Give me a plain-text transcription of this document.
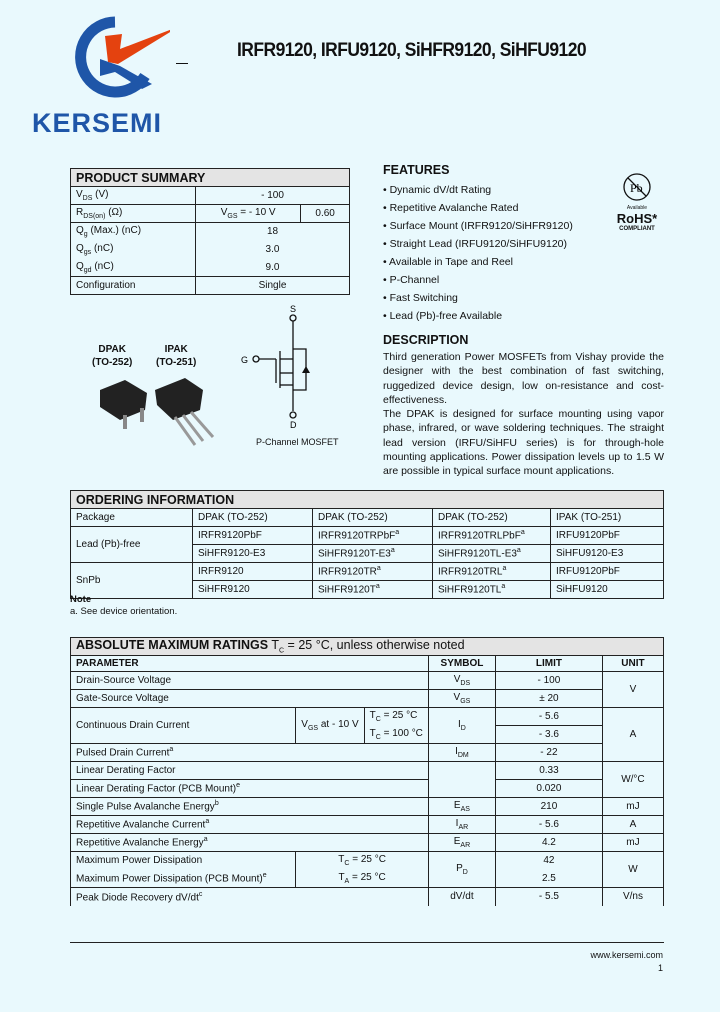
KERSEMI
IRFR9120, IRFU9120, SiHFR9120, SiHFU9120
PRODUCT SUMMARY		
$V_{DS}$ (V)	- 100	
$R_{DS(on)}$ (Ω)	$V_{GS}$ = - 10 V	0.60
$Q_g$ (Max.) (nC)	18	
$Q_{gs}$ (nC)	3.0	
$Q_{gd}$ (nC)	9.0	
Configuration	Single	
DPAK
(TO-252)
IPAK
(TO-251)
S
G
D
P-Channel MOSFET
FEATURES
• Dynamic dV/dt Rating
• Repetitive Avalanche Rated
• Surface Mount (IRFR9120/SiHFR9120)
• Straight Lead (IRFU9120/SiHFU9120)
• Available in Tape and Reel
• P-Channel
• Fast Switching
• Lead (Pb)-free Available
Pb
Available
RoHS*
COMPLIANT
DESCRIPTION

Third generation Power MOSFETs from Vishay provide the designer with the best combination of fast switching, ruggedized device design, low on-resistance and cost-effectiveness.

The DPAK is designed for surface mounting using vapor phase, infrared, or wave soldering techniques. The straight lead version (IRFU/SiHFU series) is for through-hole mounting applications. Power dissipation levels up to 1.5 W are possible in typical surface mount applications.

ORDERING INFORMATION				
Package	DPAK (TO-252)	DPAK (TO-252)	DPAK (TO-252)	IPAK (TO-251)
Lead (Pb)-free	IRFR9120PbF	IRFR9120TRPbF$^a$	IRFR9120TRLPbF$^a$	IRFU9120PbF
	SiHFR9120-E3	SiHFR9120T-E3$^a$	SiHFR9120TL-E3$^a$	SiHFU9120-E3
SnPb	IRFR9120	$IRFR9120TR^a$	IRFR9120TRL$^a$	IRFU9120PbF
	SiHFR9120	$SiHFR9120T^a$	$SiHFR9120TL^a$	SiHFU9120
Note
a. See device orientation.
ABSOLUTE MAXIMUM RATINGS $T_C = 25$ °C, unless otherwise noted					
PARAMETER			SYMBOL	LIMIT	UNIT
Drain-Source Voltage			$V_{DS}$	- 100	V
Gate-Source Voltage			$V_{GS}$	± 20	
Continuous Drain Current	$V_{GS}$ at - 10 V	$T_C = 25$ °C	$I_D$	- 5.6	A
		$T_C = 100$ °C		- 3.6	
Pulsed Drain Current$^a$			$I_{DM}$	- 22	
Linear Derating Factor				0.33	W/°C
Linear Derating Factor (PCB Mount)$^e$				0.020	
Single Pulse Avalanche Energy$^b$			$E_{AS}$	210	mJ
Repetitive Avalanche Current$^a$			$I_{AR}$	- 5.6	A
Repetitive Avalanche Energy$^a$			$E_{AR}$	4.2	mJ
Maximum Power Dissipation	$T_C = 25$ °C		$P_D$	42	W
Maximum Power Dissipation (PCB Mount)$^e$	$T_A = 25$ °C			2.5	
Peak Diode Recovery $dV/dt^c$			dV/dt	- 5.5	V/ns
www.kersemi.com
1
